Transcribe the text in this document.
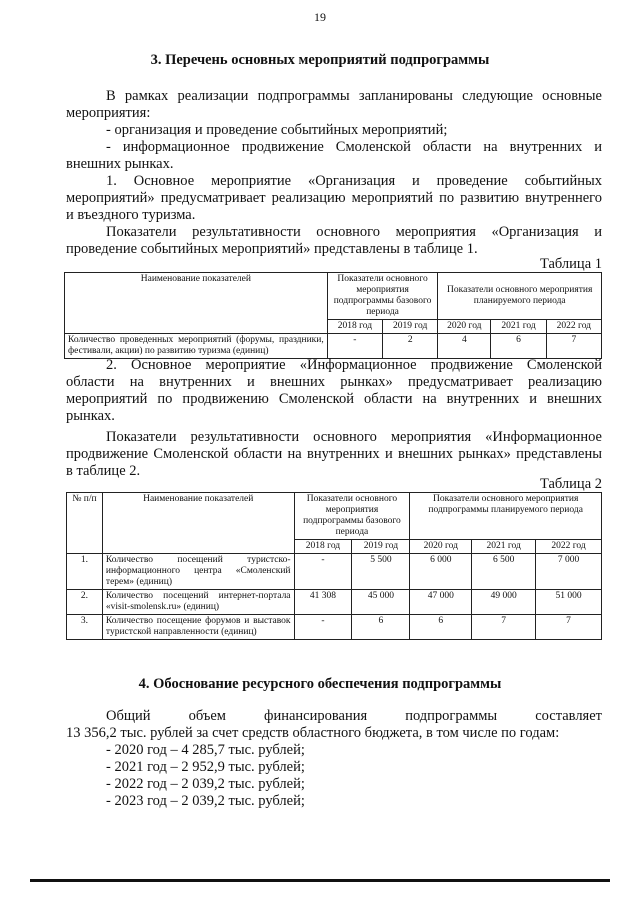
19
3. Перечень основных мероприятий подпрограммы
В рамках реализации подпрограммы запланированы следующие основные
мероприятия:
- организация и проведение событийных мероприятий;
- информационное продвижение Смоленской области на внутренних и
внешних рынках.
1. Основное мероприятие «Организация и проведение событийных
мероприятий» предусматривает реализацию мероприятий по развитию внутреннего
и въездного туризма.
Показатели результативности основного мероприятия «Организация и
проведение событийных мероприятий» представлены в таблице 1.
Таблица 1
Наименование показателей	Показатели основного мероприятия подпрограммы базового периода		Показатели основного мероприятия планируемого периода		
	2018 год	2019 год	2020 год	2021 год	2022 год
Количество проведенных мероприятий (форумы, праздники, фестивали, акции) по развитию туризма (единиц)	-	2	4	6	7
2. Основное мероприятие «Информационное продвижение Смоленской
области на внутренних и внешних рынках» предусматривает реализацию
мероприятий по продвижению Смоленской области на внутренних и внешних
рынках.
Показатели результативности основного мероприятия «Информационное
продвижение Смоленской области на внутренних и внешних рынках» представлены
в таблице 2.
Таблица 2
№ п/п	Наименование показателей	Показатели основного мероприятия подпрограммы базового периода		Показатели основного мероприятия подпрограммы планируемого периода		
		2018 год	2019 год	2020 год	2021 год	2022 год
1.	Количество посещений туристско-информационного центра «Смоленский терем» (единиц)	-	5 500	6 000	6 500	7 000
2.	Количество посещений интернет-портала «visit-smolensk.ru» (единиц)	41 308	45 000	47 000	49 000	51 000
3.	Количество посещение форумов и выставок туристской направленности (единиц)	-	6	6	7	7
4. Обоснование ресурсного обеспечения подпрограммы
Общий объем финансирования подпрограммы составляет
13 356,2 тыс. рублей за счет средств областного бюджета, в том числе по годам:
- 2020 год – 4 285,7 тыс. рублей;
- 2021 год – 2 952,9 тыс. рублей;
- 2022 год – 2 039,2 тыс. рублей;
- 2023 год – 2 039,2 тыс. рублей;
